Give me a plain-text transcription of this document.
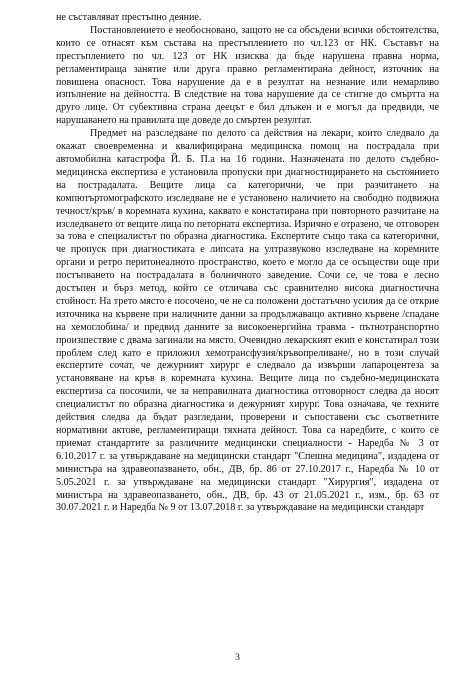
не съставляват престъпно деяние.

Постановлението е необосновано, защото не са обсъдени всички обстоятелства, които се отнасят към състава на престъплението по чл.123 от НК. Съставът на престъплението по чл. 123 от НК изисква да бъде нарушена правна норма, регламентираща занятие или друга правно регламентирана дейност, източник на повишена опасност. Това нарушение да е в резултат на незнание или немарливо изпълнение на дейността. В следствие на това нарушение да се стигне до смъртта на друго лице. От субективна страна деецът е бил длъжен и е могъл да предвиди, че нарушаването на правилата ще доведе до смъртен резултат.

Предмет на разследване по делото са действия на лекари, които следвало да окажат своевременна и квалифицирана медицинска помощ на пострадала при автомобилна катастрофа Й. Б. П.а на 16 години. Назначената по делото съдебно-медицинска експертиза е установила пропуски при диагностицирането на състоянието на пострадалата. Вещите лица са категорични, че при разчитането на компютъртомографското изследване не е установено наличието на свободно подвижна течност/кръв/ в коремната кухина, каквато е констатирана при повторното разчитане на изследването от вещите лица по петорната експертиза. Изрично е отразено, че отговорен за това е специалистът по образна диагностика. Експертите също така са категорични, че пропуск при диагностиката е липсата на ултразвуково изследване на коремните органи и ретро перитонеалното пространство, което е могло да се осъществи още при постъпването на пострадалата в болничното заведение. Сочи се, че това е лесно достъпен и бърз метод, който се отличава със сравнително висока диагностична стойност. На трето място е посочено, че не са положени достатъчно усилия да се открие източника на кървене при наличните данни за продължаващо активно кървене /спадане на хемоглобина/ и предвид данните за високоенергийна травма - пътнотранспортно произшествие с двама загинали на място. Очевидно лекарският екип е констатирал този проблем след като е приложил хемотрансфузия/кръвопреливане/, но в този случай експертите сочат, че дежурният хирург е следвало да извърши лапароцентеза за установяване на кръв в коремната кухина. Вещите лица по съдебно-медицинската експертиза са посочили, че за неправилната диагностика отговорност следва да носят специалистът по образна диагностика и дежурният хирург. Това означава, че техните действия следва да бъдат разгледани, проверени и съпоставени със съответните нормативни актове, регламентиращи тяхната дейност. Това са наредбите, с които се приемат стандартите за различните медицински специалности - Наредба № 3 от 6.10.2017 г. за утвърждаване на медицински стандарт "Спешна медицина", издадена от министъра на здравеопазването, обн., ДВ, бр. 86 от 27.10.2017 г., Наредба № 10 от 5.05.2021 г. за утвърждаване на медицински стандарт "Хирургия", издадена от министъра на здравеопазването, обн., ДВ, бр. 43 от 21.05.2021 г., изм., бр. 63 от 30.07.2021 г. и Наредба № 9 от 13.07.2018 г. за утвърждаване на медицински стандарт

3
